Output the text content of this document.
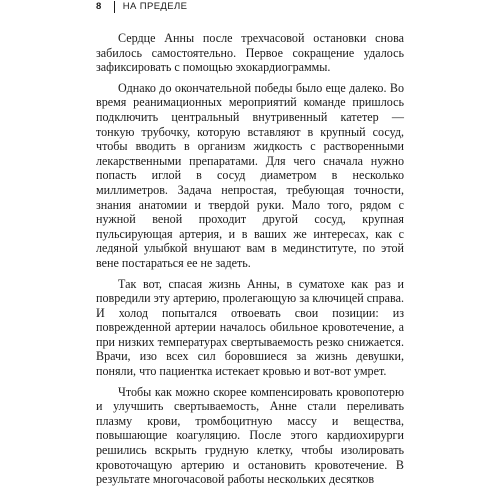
8 НА ПРЕДЕЛЕ

Сердце Анны после трехчасовой остановки снова забилось самостоятельно. Первое сокращение удалось зафиксировать с помощью эхокардиограммы.

Однако до окончательной победы было еще далеко. Во время реанимационных мероприятий команде пришлось подключить центральный внутривенный катетер — тонкую трубочку, которую вставляют в крупный сосуд, чтобы вводить в организм жидкость с растворенными лекарственными препаратами. Для чего сначала нужно попасть иглой в сосуд диаметром в несколько миллиметров. Задача непростая, требующая точности, знания анатомии и твердой руки. Мало того, рядом с нужной веной проходит другой сосуд, крупная пульсирующая артерия, и в ваших же интересах, как с ледяной улыбкой внушают вам в мединституте, по этой вене постараться ее не задеть.

Так вот, спасая жизнь Анны, в суматохе как раз и повредили эту артерию, пролегающую за ключицей справа. И холод попытался отвоевать свои позиции: из поврежденной артерии началось обильное кровотечение, а при низких температурах свертываемость резко снижается. Врачи, изо всех сил боровшиеся за жизнь девушки, поняли, что пациентка истекает кровью и вот-вот умрет.

Чтобы как можно скорее компенсировать кровопотерю и улучшить свертываемость, Анне стали переливать плазму крови, тромбоцитную массу и вещества, повышающие коагуляцию. После этого кардиохирурги решились вскрыть грудную клетку, чтобы изолировать кровоточащую артерию и остановить кровотечение. В результате многочасовой работы нескольких десятков
